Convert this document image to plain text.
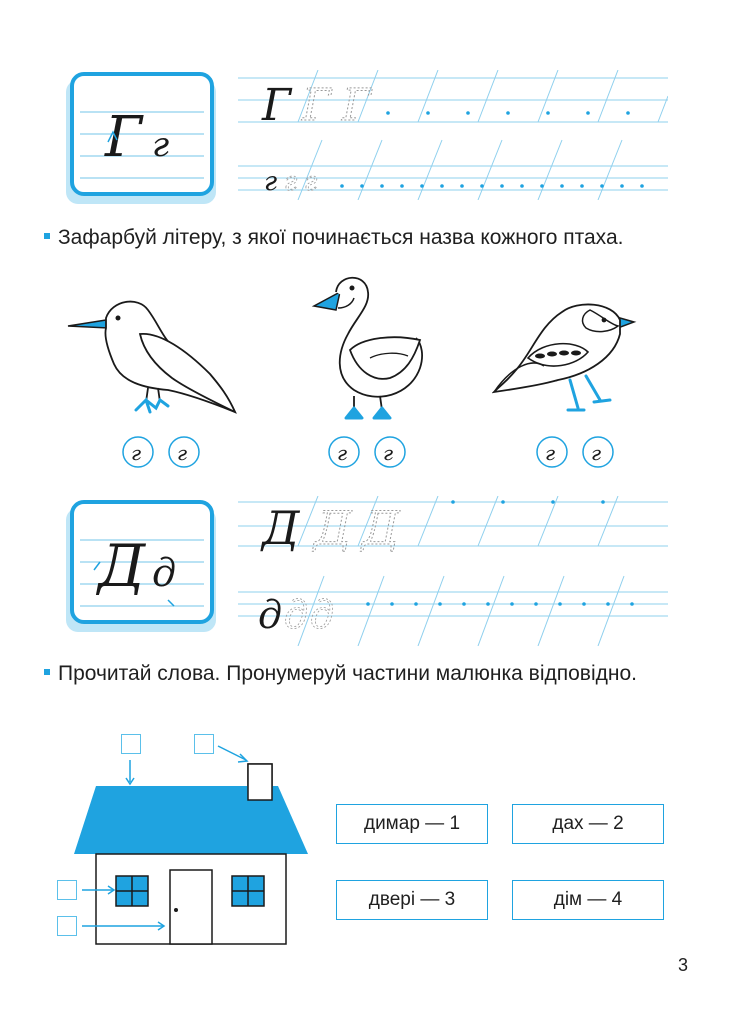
Г г
Г Г Г
г г г
Зафарбуй літеру, з якої починається назва кожного птаха.
г г	г г	г г
Д д
Д Д Д
д д д
Прочитай слова. Пронумеруй частини малюнка відповідно.
димар — 1	дах — 2
двері — 3	дім — 4
3
